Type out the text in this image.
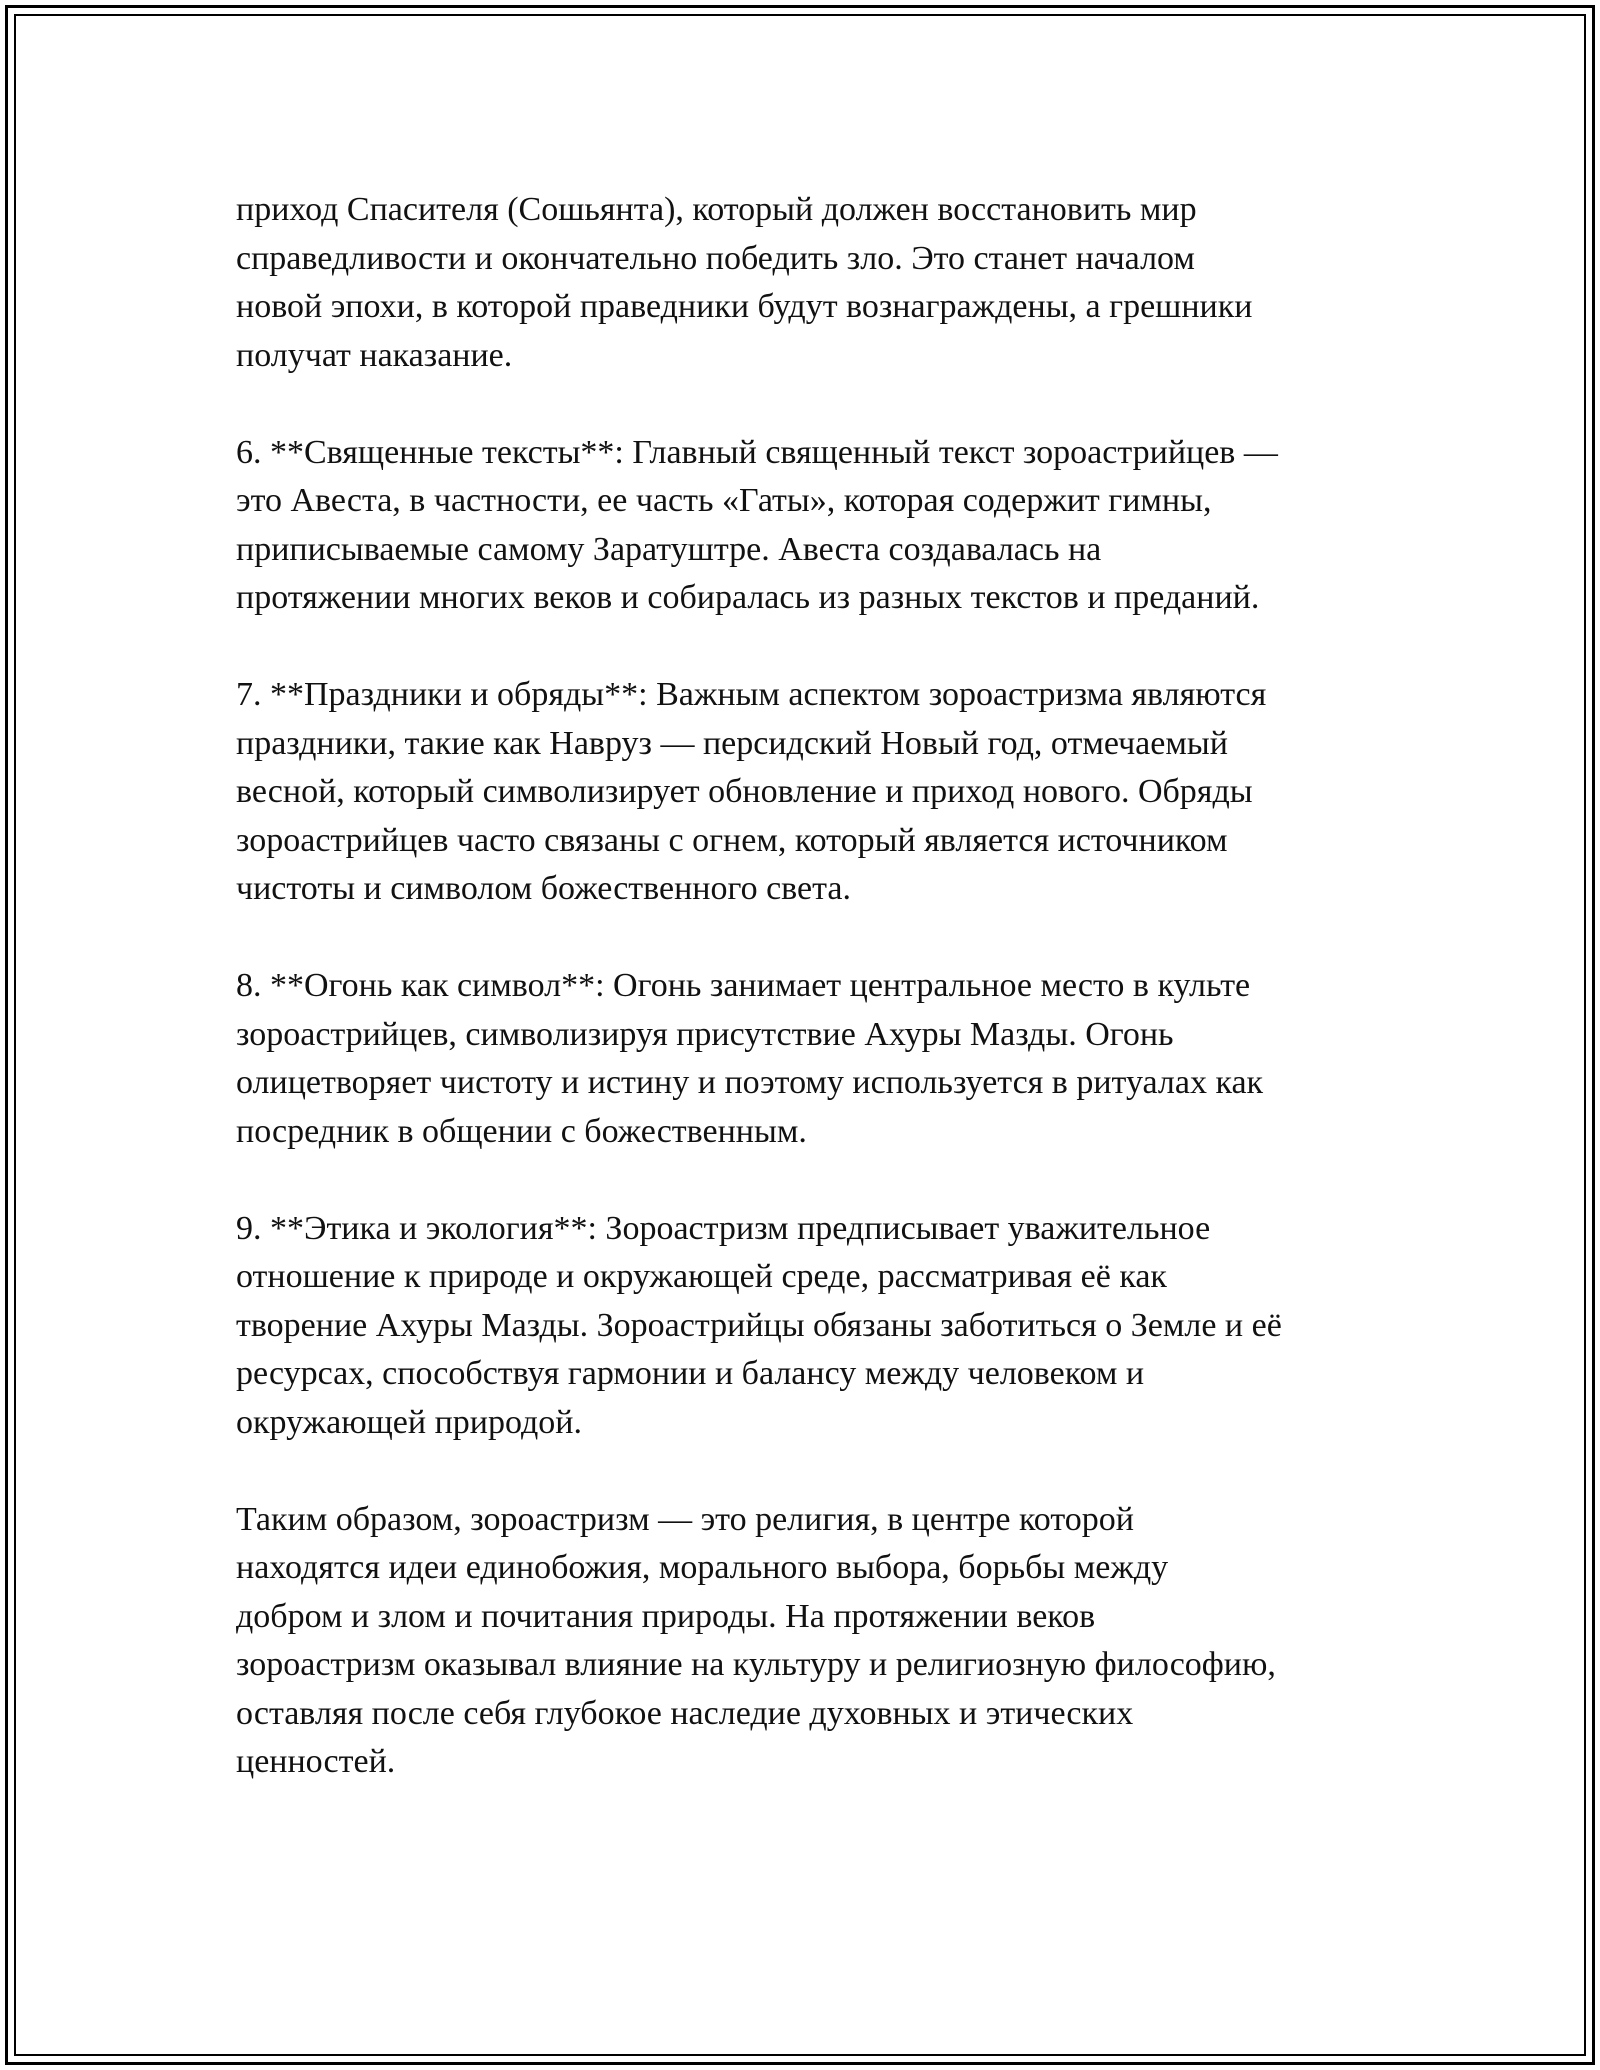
приход Спасителя (Сошьянта), который должен восстановить мир
справедливости и окончательно победить зло. Это станет началом
новой эпохи, в которой праведники будут вознаграждены, а грешники
получат наказание.

6. **Священные тексты**: Главный священный текст зороастрийцев —
это Авеста, в частности, ее часть «Гаты», которая содержит гимны,
приписываемые самому Заратуштре. Авеста создавалась на
протяжении многих веков и собиралась из разных текстов и преданий.

7. **Праздники и обряды**: Важным аспектом зороастризма являются
праздники, такие как Навруз — персидский Новый год, отмечаемый
весной, который символизирует обновление и приход нового. Обряды
зороастрийцев часто связаны с огнем, который является источником
чистоты и символом божественного света.

8. **Огонь как символ**: Огонь занимает центральное место в культе
зороастрийцев, символизируя присутствие Ахуры Мазды. Огонь
олицетворяет чистоту и истину и поэтому используется в ритуалах как
посредник в общении с божественным.

9. **Этика и экология**: Зороастризм предписывает уважительное
отношение к природе и окружающей среде, рассматривая её как
творение Ахуры Мазды. Зороастрийцы обязаны заботиться о Земле и её
ресурсах, способствуя гармонии и балансу между человеком и
окружающей природой.

Таким образом, зороастризм — это религия, в центре которой
находятся идеи единобожия, морального выбора, борьбы между
добром и злом и почитания природы. На протяжении веков
зороастризм оказывал влияние на культуру и религиозную философию,
оставляя после себя глубокое наследие духовных и этических
ценностей.
